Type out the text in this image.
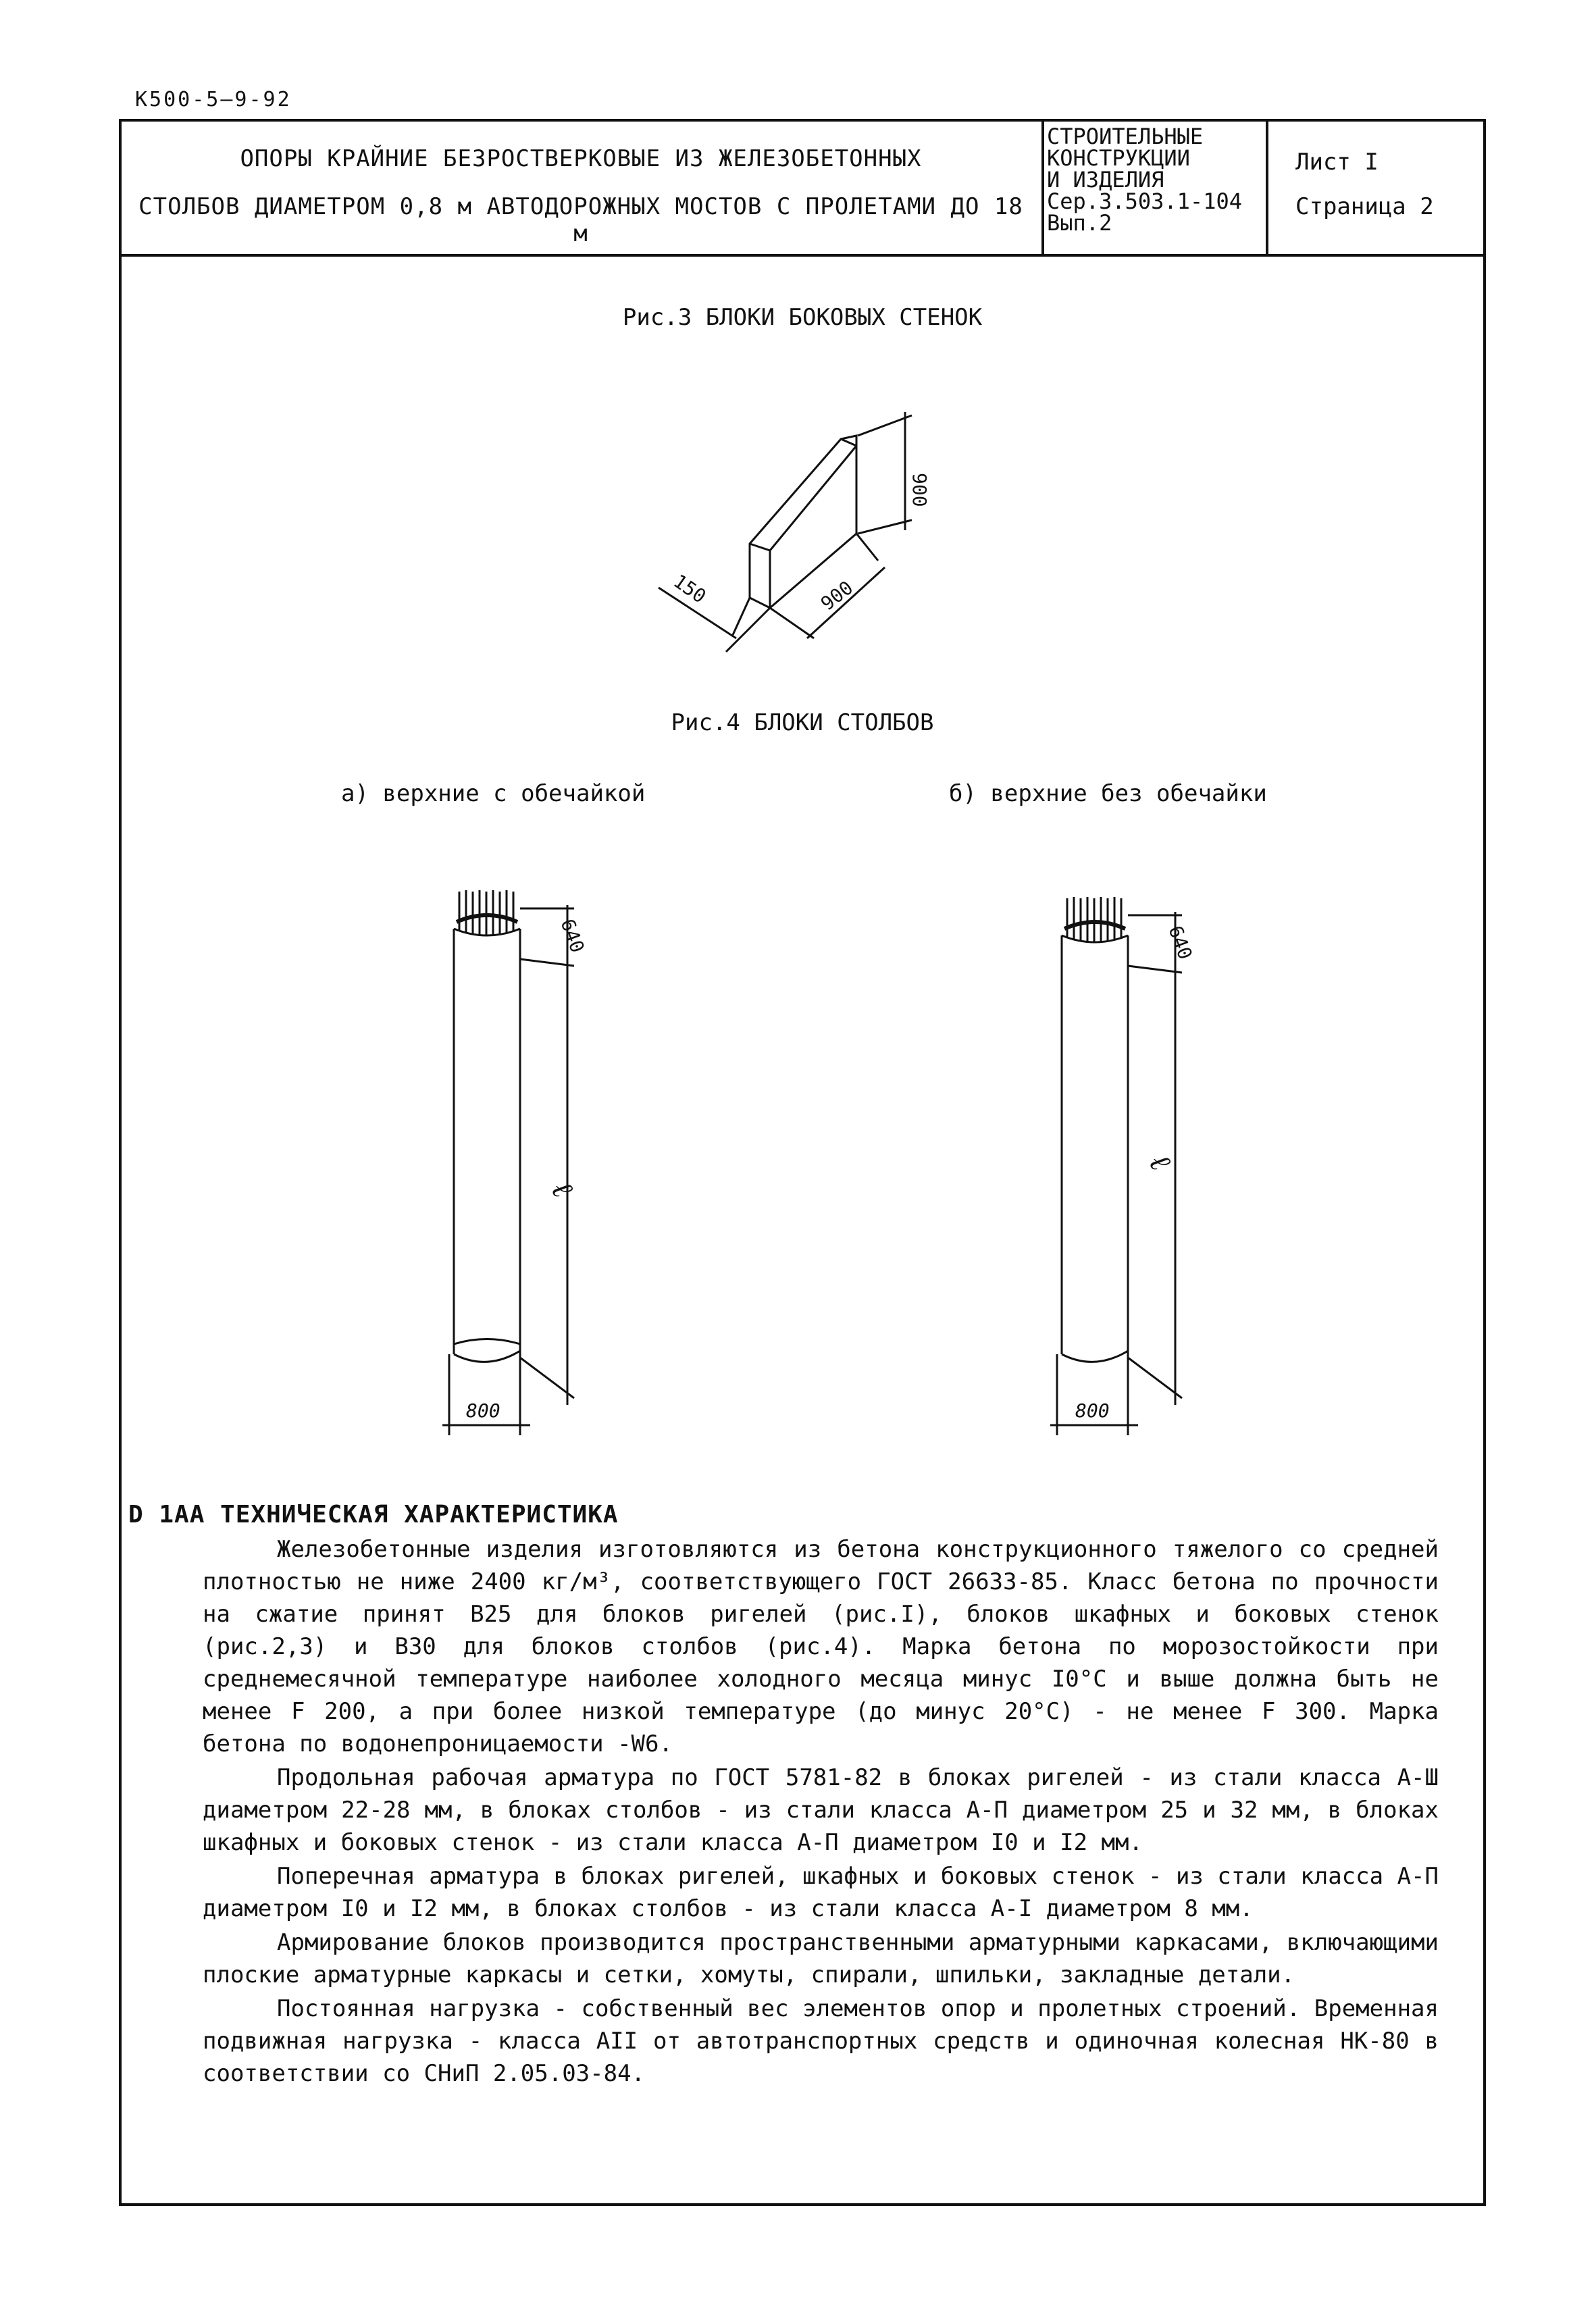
К500-5—9-92
ОПОРЫ КРАЙНИЕ БЕЗРОСТВЕРКОВЫЕ ИЗ ЖЕЛЕЗОБЕТОННЫХ
СТОЛБОВ ДИАМЕТРОМ 0,8 м АВТОДОРОЖНЫХ МОСТОВ С ПРОЛЕТАМИ ДО 18 м
СТРОИТЕЛЬНЫЕ
КОНСТРУКЦИИ
И ИЗДЕЛИЯ
Сер.3.503.1-104
Вып.2
Лист I
Страница 2
Рис.3 БЛОКИ БОКОВЫХ СТЕНОК
900
900
150
640
ℓ
800
640
ℓ
800
Рис.4 БЛОКИ СТОЛБОВ
а) верхние с обечайкой	б) верхние без обечайки
D 1AA ТЕХНИЧЕСКАЯ ХАРАКТЕРИСТИКА

Железобетонные изделия изготовляются из бетона конструкционного тяжелого со средней плотностью не ниже 2400 кг/м³, соответствующего ГОСТ 26633-85. Класс бетона по прочности на сжатие принят B25 для блоков ригелей (рис.I), блоков шкафных и боковых стенок (рис.2,3) и B30 для блоков столбов (рис.4). Марка бетона по морозостойкости при среднемесячной температуре наиболее холодного месяца минус I0°C и выше должна быть не менее F 200, а при более низкой температуре (до минус 20°C) - не менее F 300. Марка бетона по водонепроницаемости -W6.

Продольная рабочая арматура по ГОСТ 5781-82 в блоках ригелей - из стали класса А-Ш диаметром 22-28 мм, в блоках столбов - из стали класса А-П диаметром 25 и 32 мм, в блоках шкафных и боковых стенок - из стали класса А-П диаметром I0 и I2 мм.

Поперечная арматура в блоках ригелей, шкафных и боковых стенок - из стали класса А-П диаметром I0 и I2 мм, в блоках столбов - из стали класса А-I диаметром 8 мм.

Армирование блоков производится пространственными арматурными каркасами, включающими плоские арматурные каркасы и сетки, хомуты, спирали, шпильки, закладные детали.

Постоянная нагрузка - собственный вес элементов опор и пролетных строений. Временная подвижная нагрузка - класса AII от автотранспортных средств и одиночная колесная НК-80 в соответствии со СНиП 2.05.03-84.
